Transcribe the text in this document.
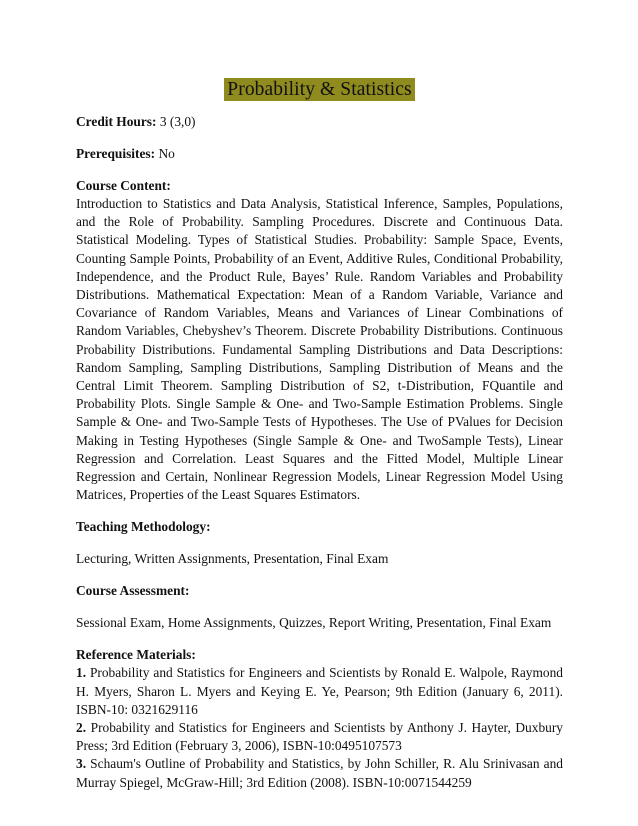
Probability & Statistics

Credit Hours: 3 (3,0)

Prerequisites: No

Course Content:

Introduction to Statistics and Data Analysis, Statistical Inference, Samples, Populations, and the Role of Probability. Sampling Procedures. Discrete and Continuous Data. Statistical Modeling. Types of Statistical Studies. Probability: Sample Space, Events, Counting Sample Points, Probability of an Event, Additive Rules, Conditional Probability, Independence, and the Product Rule, Bayes’ Rule. Random Variables and Probability Distributions. Mathematical Expectation: Mean of a Random Variable, Variance and Covariance of Random Variables, Means and Variances of Linear Combinations of Random Variables, Chebyshev’s Theorem. Discrete Probability Distributions. Continuous Probability Distributions. Fundamental Sampling Distributions and Data Descriptions: Random Sampling, Sampling Distributions, Sampling Distribution of Means and the Central Limit Theorem. Sampling Distribution of S2, t-Distribution, FQuantile and Probability Plots. Single Sample & One- and Two-Sample Estimation Problems. Single Sample & One- and Two-Sample Tests of Hypotheses. The Use of PValues for Decision Making in Testing Hypotheses (Single Sample & One- and TwoSample Tests), Linear Regression and Correlation. Least Squares and the Fitted Model, Multiple Linear Regression and Certain, Nonlinear Regression Models, Linear Regression Model Using Matrices, Properties of the Least Squares Estimators.

Teaching Methodology:

Lecturing, Written Assignments, Presentation, Final Exam

Course Assessment:

Sessional Exam, Home Assignments, Quizzes, Report Writing, Presentation, Final Exam

Reference Materials:

1. Probability and Statistics for Engineers and Scientists by Ronald E. Walpole, Raymond H. Myers, Sharon L. Myers and Keying E. Ye, Pearson; 9th Edition (January 6, 2011). ISBN-10: 0321629116

2. Probability and Statistics for Engineers and Scientists by Anthony J. Hayter, Duxbury Press; 3rd Edition (February 3, 2006), ISBN-10:0495107573

3. Schaum's Outline of Probability and Statistics, by John Schiller, R. Alu Srinivasan and Murray Spiegel, McGraw-Hill; 3rd Edition (2008). ISBN-10:0071544259
